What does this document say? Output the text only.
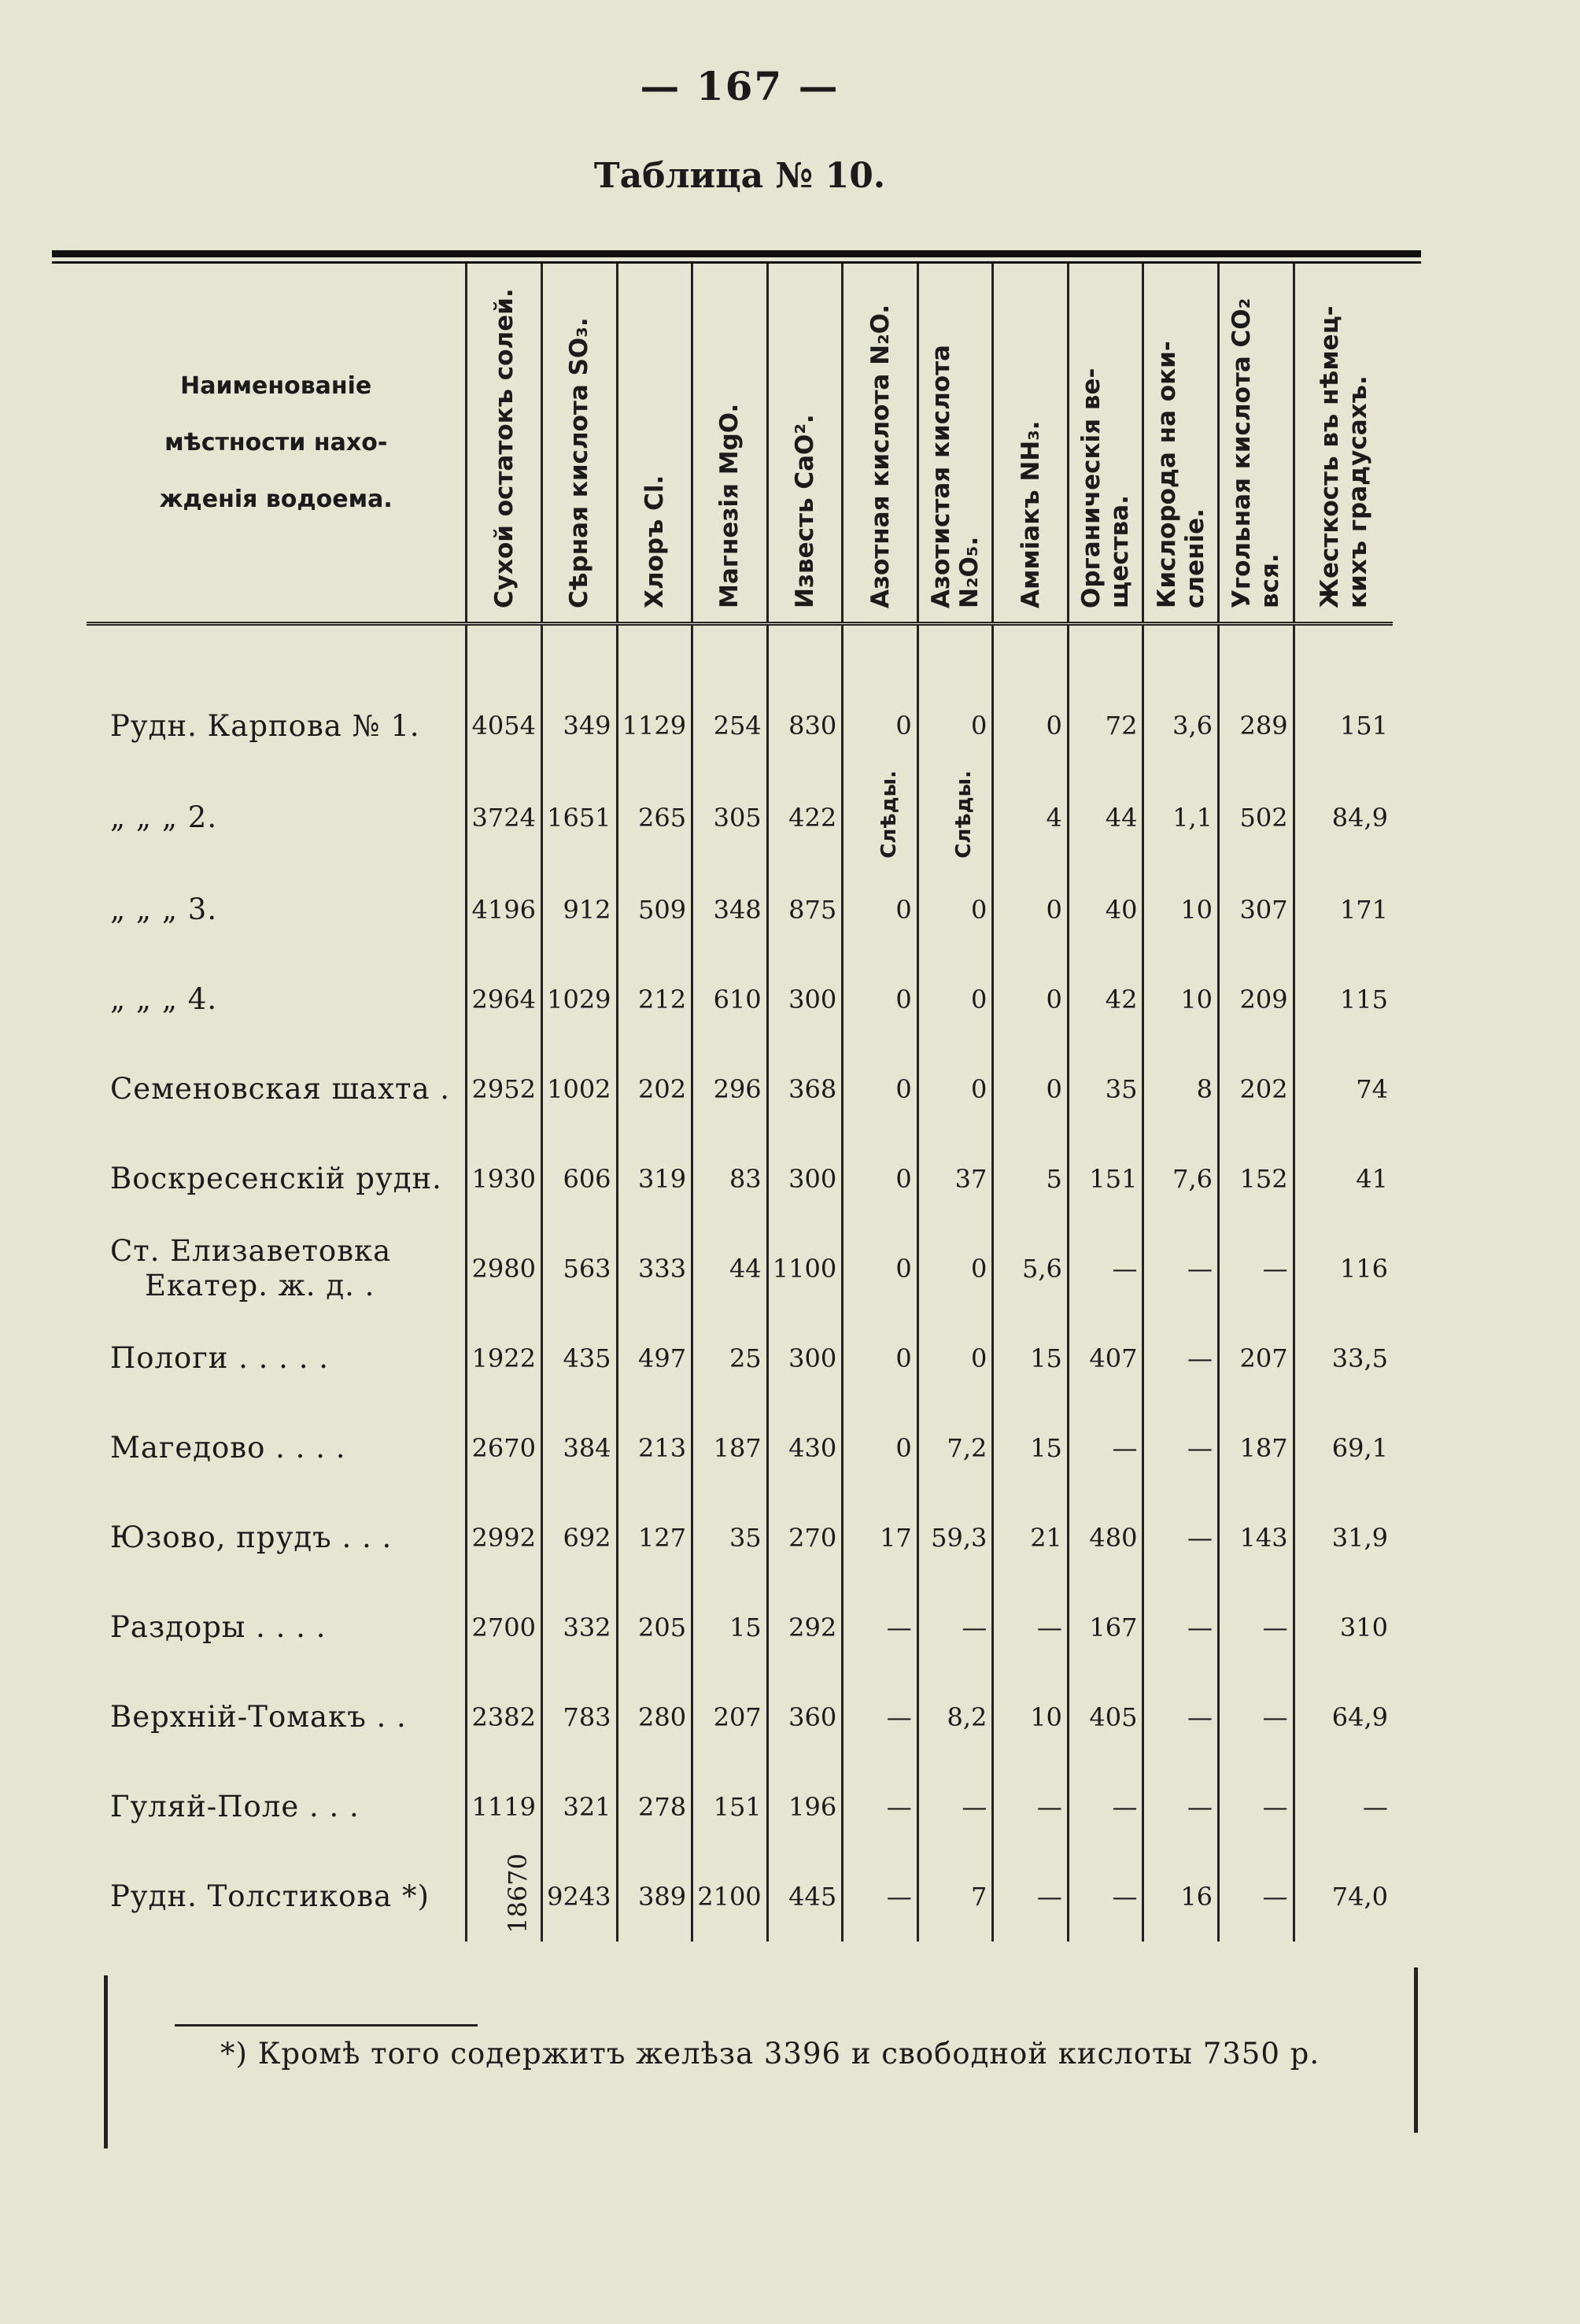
— 167 —
Таблица № 10.
Наименованіе
мѣстности нахо-
жденія водоема.	Сухой остатокъ солей.	Сѣрная кислота SO₃.	Хлоръ Cl.	Магнезія MgO.	Известь CaO².	Азотная кислота N₂O.	Азотистая кислота N₂O₅.	Аммiакъ NH₃.	Органическія ве- щества.	Кислорода на оки- сленіе.	Угольная кислота CO₂ вся.	Жесткость въ нѣмец- кихъ градусахъ.

Рудн. Карпова № 1.	4054	349	1129	254	830	0	0	0	72	3,6	289	151
„ „ „ 2.	3724	1651	265	305	422	Слѣды.	Слѣды.	4	44	1,1	502	84,9
„ „ „ 3.	4196	912	509	348	875	0	0	0	40	10	307	171
„ „ „ 4.	2964	1029	212	610	300	0	0	0	42	10	209	115
Семеновская шахта .	2952	1002	202	296	368	0	0	0	35	8	202	74
Воскресенскій рудн.	1930	606	319	83	300	0	37	5	151	7,6	152	41
Ст. Елизаветовка
Екатер. ж. д. .	2980	563	333	44	1100	0	0	5,6	—	—	—	116
Пологи . . . . .	1922	435	497	25	300	0	0	15	407	—	207	33,5
Магедово . . . .	2670	384	213	187	430	0	7,2	15	—	—	187	69,1
Юзово, прудъ . . .	2992	692	127	35	270	17	59,3	21	480	—	143	31,9
Раздоры . . . .	2700	332	205	15	292	—	—	—	167	—	—	310
Верхній-Томакъ . .	2382	783	280	207	360	—	8,2	10	405	—	—	64,9
Гуляй-Поле . . .	1119	321	278	151	196	—	—	—	—	—	—	—
Рудн. Толстикова *)	18670	9243	389	2100	445	—	7	—	—	16	—	74,0
*) Кромѣ того содержитъ желѣза 3396 и свободной кислоты 7350 р.
